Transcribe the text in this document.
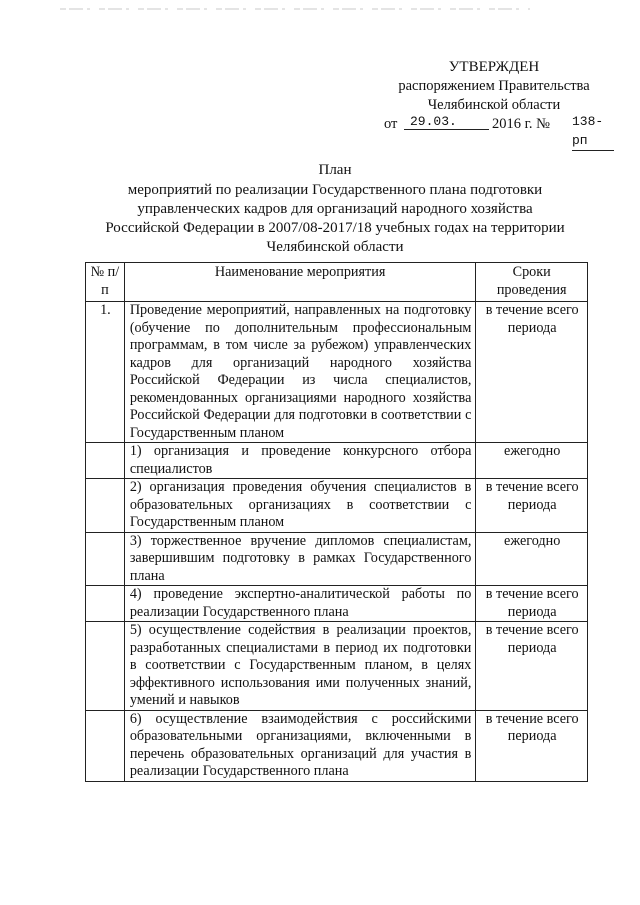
УТВЕРЖДЕН
распоряжением Правительства
Челябинской области
от 29.03. 2016 г. № 138-рп
План
мероприятий по реализации Государственного плана подготовки
управленческих кадров для организаций народного хозяйства
Российской Федерации в 2007/08-2017/18 учебных годах на территории
Челябинской области
№ п/п	Наименование мероприятия	Сроки проведения
1.	Проведение мероприятий, направленных на подготовку (обучение по дополнительным профессиональным программам, в том числе за рубежом) управленческих кадров для организаций народного хозяйства Российской Федерации из числа специалистов, рекомендованных организациями народного хозяйства Российской Федерации для подготовки в соответствии с Государственным планом	в течение всего периода
	1) организация и проведение конкурсного отбора специалистов	ежегодно
	2) организация проведения обучения специалистов в образовательных организациях в соответствии с Государственным планом	в течение всего периода
	3) торжественное вручение дипломов специалистам, завершившим подготовку в рамках Государственного плана	ежегодно
	4) проведение экспертно-аналитической работы по реализации Государственного плана	в течение всего периода
	5) осуществление содействия в реализации проектов, разработанных специалистами в период их подготовки в соответствии с Государственным планом, в целях эффективного использования ими полученных знаний, умений и навыков	в течение всего периода
	6) осуществление взаимодействия с российскими образовательными организациями, включенными в перечень образовательных организаций для участия в реализации Государственного плана	в течение всего периода
